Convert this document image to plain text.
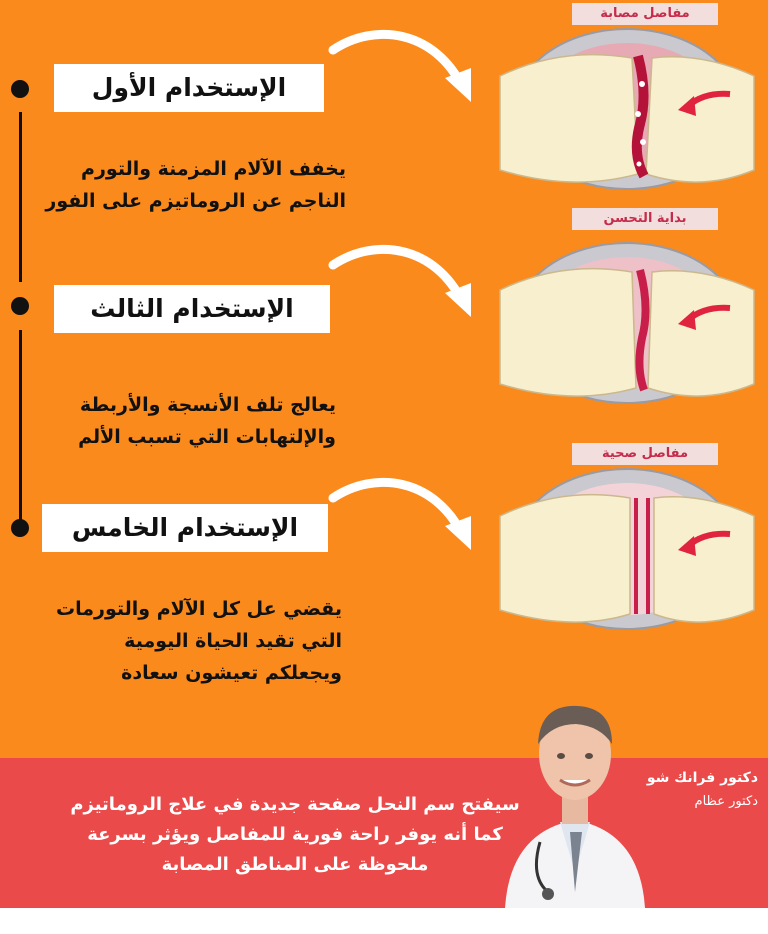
الإستخدام الأول
يخفف الآلام المزمنة والتورم
الناجم عن الروماتيزم على الفور
الإستخدام الثالث
يعالج تلف الأنسجة والأربطة
والإلتهابات التي تسبب الألم
الإستخدام الخامس
يقضي عل كل الآلام والتورمات
التي تقيد الحياة اليومية
ويجعلكم تعيشون سعادة
مفاصل مصابة
بداية التحسن
مفاصل صحية
دكتور فرانك شو
دكتور عظام
سيفتح سم النحل صفحة جديدة في علاج الروماتيزم
كما أنه يوفر راحة فورية للمفاصل ويؤثر بسرعة
ملحوظة على المناطق المصابة
